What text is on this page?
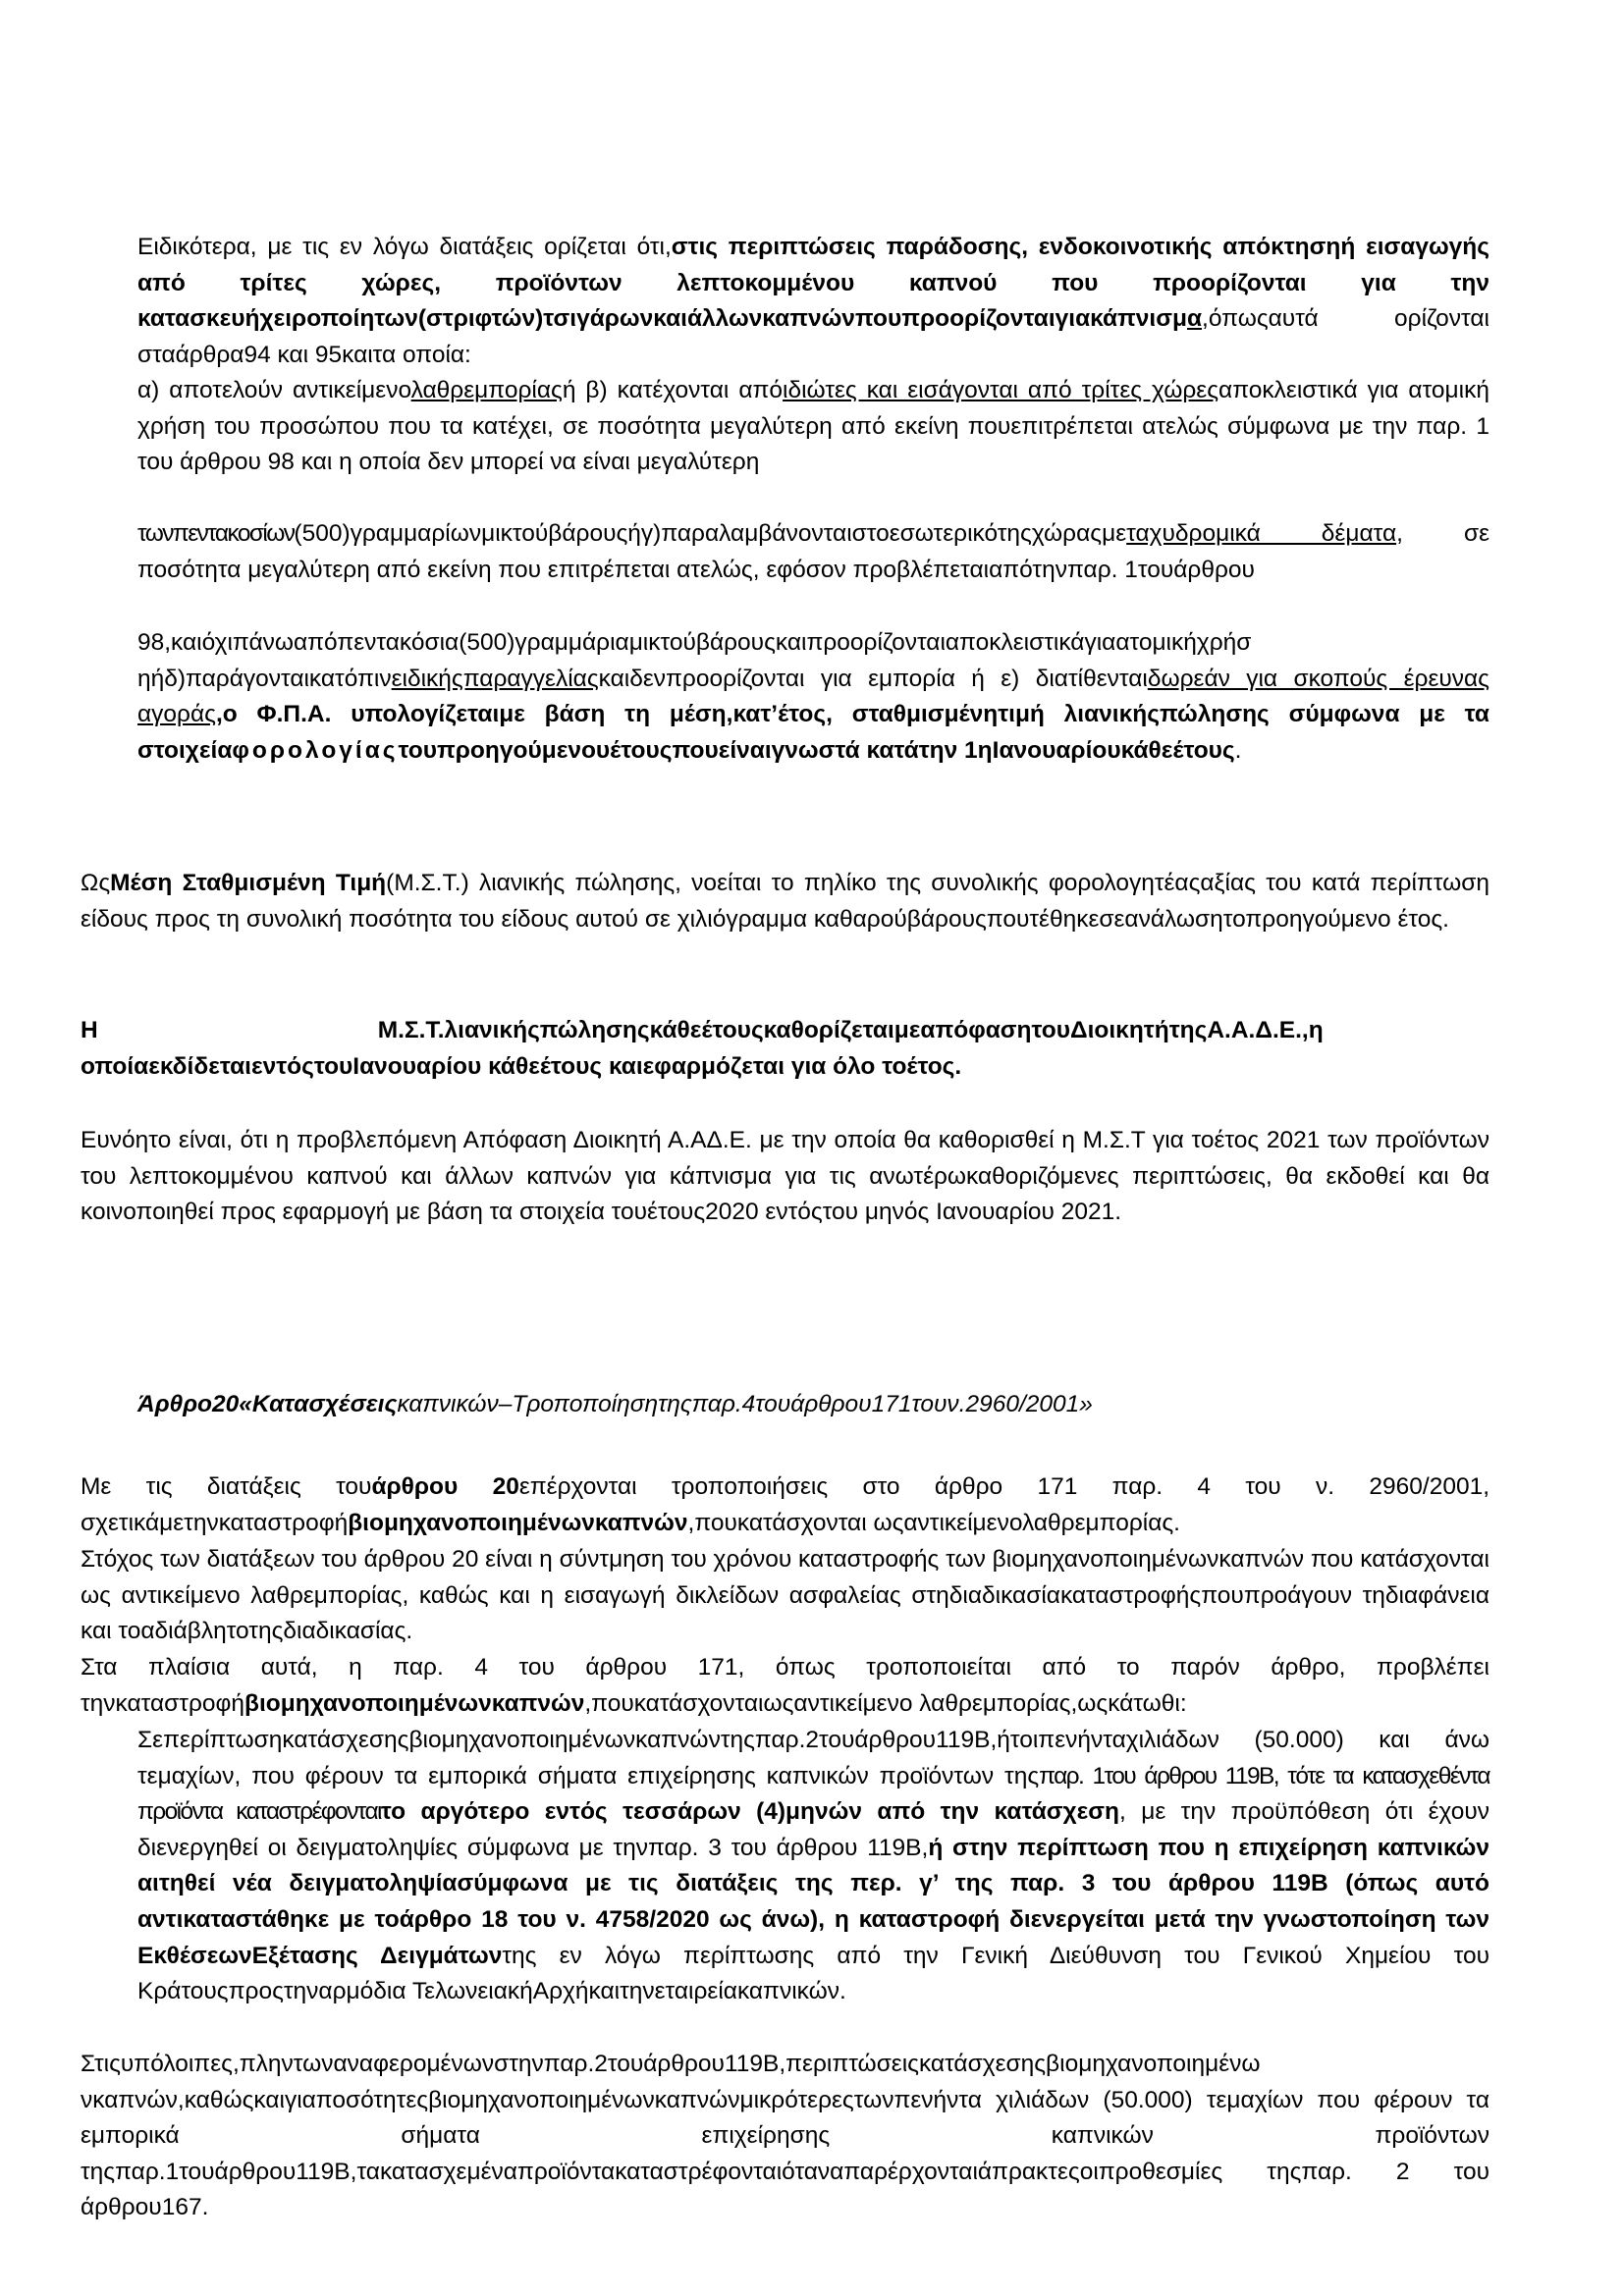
Ειδικότερα, με τις εν λόγω διατάξεις ορίζεται ότι,στις περιπτώσεις παράδοσης, ενδοκοινοτικής απόκτησηή εισαγωγής από τρίτες χώρες, προϊόντων λεπτοκομμένου καπνού που προορίζονται για την κατασκευήχειροποίητων(στριφτών)τσιγάρωνκαιάλλωνκαπνώνπουπροορίζονταιγιακάπνισμα,όπωςαυτά ορίζονται σταάρθρα94 και 95καιτα οποία:

α) αποτελούν αντικείμενολαθρεμπορίαςή β) κατέχονται απόιδιώτες και εισάγονται από τρίτες χώρεςαποκλειστικά για ατομική χρήση του προσώπου που τα κατέχει, σε ποσότητα μεγαλύτερη από εκείνη πουεπιτρέπεται ατελώς σύμφωνα με την παρ. 1 του άρθρου 98 και η οποία δεν μπορεί να είναι μεγαλύτερη

τωνπεντακοσίων(500)γραμμαρίωνμικτούβάρουςήγ)παραλαμβάνονταιστοεσωτερικότηςχώραςμεταχυδρομικά δέματα, σε ποσότητα μεγαλύτερη από εκείνη που επιτρέπεται ατελώς, εφόσον προβλέπεταιαπότηνπαρ. 1τουάρθρου

98,καιόχιπάνωαπόπεντακόσια(500)γραμμάριαμικτούβάρουςκαιπροορίζονταιαποκλειστικάγιαατομικήχρήσ ηήδ)παράγονταικατόπινειδικήςπαραγγελίαςκαιδενπροορίζονται για εμπορία ή ε) διατίθενταιδωρεάν για σκοπούς έρευνας αγοράς,ο Φ.Π.Α. υπολογίζεταιμε βάση τη μέση,κατ’έτος, σταθμισμένητιμή λιανικήςπώλησης σύμφωνα με τα στοιχείαφορολογίαςτουπροηγούμενουέτουςπουείναιγνωστά κατάτην 1ηΙανουαρίουκάθεέτους.

ΩςΜέση Σταθμισμένη Τιμή(Μ.Σ.Τ.) λιανικής πώλησης, νοείται το πηλίκο της συνολικής φορολογητέαςαξίας του κατά περίπτωση είδους προς τη συνολική ποσότητα του είδους αυτού σε χιλιόγραμμα καθαρούβάρουςπουτέθηκεσεανάλωσητοπροηγούμενο έτος.

Η	Μ.Σ.Τ.λιανικήςπώλησηςκάθεέτουςκαθορίζεταιμεαπόφασητουΔιοικητήτηςΑ.Α.Δ.Ε.,η οποίαεκδίδεταιεντόςτουΙανουαρίου κάθεέτους καιεφαρμόζεται για όλο τοέτος.

Ευνόητο είναι, ότι η προβλεπόμενη Απόφαση Διοικητή Α.ΑΔ.Ε. με την οποία θα καθορισθεί η Μ.Σ.Τ για τοέτος 2021 των προϊόντων του λεπτοκομμένου καπνού και άλλων καπνών για κάπνισμα για τις ανωτέρωκαθοριζόμενες περιπτώσεις, θα εκδοθεί και θα κοινοποιηθεί προς εφαρμογή με βάση τα στοιχεία τουέτους2020 εντόςτου μηνός Ιανουαρίου 2021.

Άρθρο20«Κατασχέσειςκαπνικών–Τροποποίησητηςπαρ.4τουάρθρου171τουν.2960/2001»

Με τις διατάξεις τουάρθρου 20επέρχονται τροποποιήσεις στο άρθρο 171 παρ. 4 του ν. 2960/2001, σχετικάμετηνκαταστροφήβιομηχανοποιημένωνκαπνών,πουκατάσχονται ωςαντικείμενολαθρεμπορίας.

Στόχος των διατάξεων του άρθρου 20 είναι η σύντμηση του χρόνου καταστροφής των βιομηχανοποιημένωνκαπνών που κατάσχονται ως αντικείμενο λαθρεμπορίας, καθώς και η εισαγωγή δικλείδων ασφαλείας στηδιαδικασίακαταστροφήςπουπροάγουν τηδιαφάνεια και τοαδιάβλητοτηςδιαδικασίας.

Στα πλαίσια αυτά, η παρ. 4 του άρθρου 171, όπως τροποποιείται από το παρόν άρθρο, προβλέπει τηνκαταστροφήβιομηχανοποιημένωνκαπνών,πουκατάσχονταιωςαντικείμενο λαθρεμπορίας,ωςκάτωθι:

Σεπερίπτωσηκατάσχεσηςβιομηχανοποιημένωνκαπνώντηςπαρ.2τουάρθρου119Β,ήτοιπενήνταχιλιάδων (50.000) και άνω τεμαχίων, που φέρουν τα εμπορικά σήματα επιχείρησης καπνικών προϊόντων τηςπαρ. 1του άρθρου 119Β, τότε τα κατασχεθέντα προϊόντα καταστρέφονταιτο αργότερο εντός τεσσάρων (4)μηνών από την κατάσχεση, με την προϋπόθεση ότι έχουν διενεργηθεί οι δειγματοληψίες σύμφωνα με τηνπαρ. 3 του άρθρου 119Β,ή στην περίπτωση που η επιχείρηση καπνικών αιτηθεί νέα δειγματοληψίασύμφωνα με τις διατάξεις της περ. γ’ της παρ. 3 του άρθρου 119Β (όπως αυτό αντικαταστάθηκε με τοάρθρο 18 του ν. 4758/2020 ως άνω), η καταστροφή διενεργείται μετά την γνωστοποίηση των ΕκθέσεωνΕξέτασης Δειγμάτωντης εν λόγω περίπτωσης από την Γενική Διεύθυνση του Γενικού Χημείου του Κράτουςπροςτηναρμόδια ΤελωνειακήΑρχήκαιτηνεταιρείακαπνικών.

Στιςυπόλοιπες,πληντωναναφερομένωνστηνπαρ.2τουάρθρου119Β,περιπτώσειςκατάσχεσηςβιομηχανοποιημένω νκαπνών,καθώςκαιγιαποσότητεςβιομηχανοποιημένωνκαπνώνμικρότερεςτωνπενήντα χιλιάδων (50.000) τεμαχίων που φέρουν τα εμπορικά σήματα επιχείρησης καπνικών προϊόντων τηςπαρ.1τουάρθρου119Β,τακατασχεμέναπροϊόντακαταστρέφονταιόταναπαρέρχονταιάπρακτεςοιπροθεσμίες τηςπαρ. 2 του άρθρου167.
